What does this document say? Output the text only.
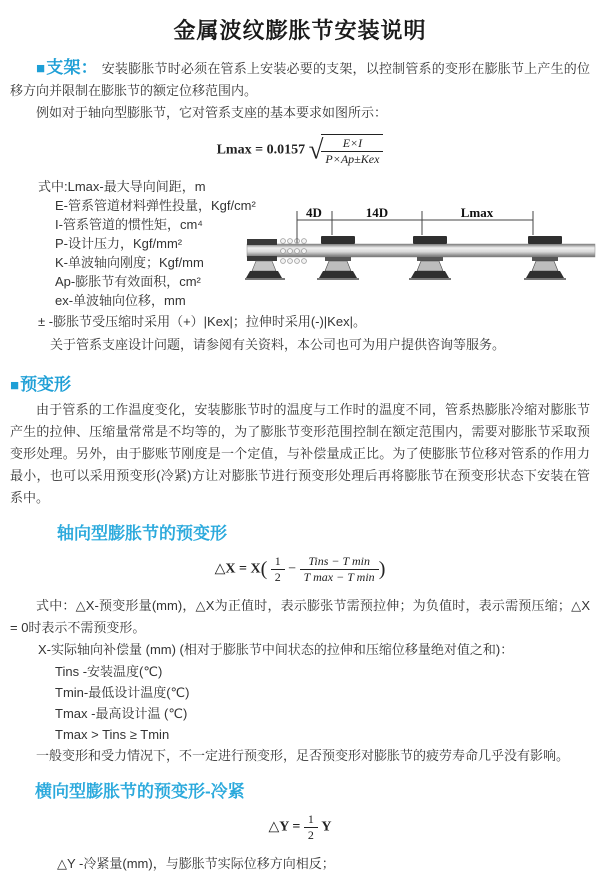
金属波纹膨胀节安装说明

■支架： 安装膨胀节时必须在管系上安装必要的支架，以控制管系的变形在膨胀节上产生的位移方向并限制在膨胀节的额定位移范围内。

例如对于轴向型膨胀节，它对管系支座的基本要求如图所示：

Lmax = 0.0157 √
$\frac{E\times I}{\text{P×Ap±Kex}}$

式中:Lmax-最大导向间距，m

E-管系管道材料弹性投量，Kgf/cm²

I-管系管道的惯性矩，cm⁴

P-设计压力，Kgf/mm²

K-单波轴向刚度；Kgf/mm

Ap-膨胀节有效面积，cm²

ex-单波轴向位移，mm

± -膨胀节受压缩时采用（+）|Kex|；拉伸时采用(-)|Kex|。

关于管系支座设计问题，请参阅有关资料，本公司也可为用户提供咨询等服务。

4D	14D	Lmax
■预变形

由于管系的工作温度变化，安装膨胀节时的温度与工作时的温度不同，管系热膨胀冷缩对膨胀节产生的拉伸、压缩量常常是不均等的，为了膨胀节变形范围控制在额定范围内，需要对膨胀节采取预变形处理。另外，由于膨账节刚度是一个定值，与补偿量成正比。为了使膨胀节位移对管系的作用力最小，也可以采用预变形(冷紧)方让对膨胀节进行预变形处理后再将膨胀节在预变形状态下安装在管系中。

轴向型膨胀节的预变形
△X = $X( \frac{1}{2} - \frac{\text{Tins − T min}}{\text{T max − T min}}$ )

式中：△X-预变形量(mm)，△X为正值时，表示膨张节需预拉伸；为负值时，表示需预压缩；△X = 0时表示不需预变形。

X-实际轴向补偿量 (mm) (相对于膨胀节中间状态的拉伸和压缩位移量绝对值之和)：

Tins -安装温度(℃)

Tmin-最低设计温度(℃)

Tmax -最高设计温 (℃)

Tmax > Tins ≥ Tmin

一般变形和受力情况下，不一定进行预变形，足否预变形对膨胀节的疲劳寿命几乎没有影响。

横向型膨胀节的预变形-冷紧
△Y = $\frac{1}{2}$ Y

△Y -冷紧量(mm)，与膨胀节实际位移方向相反；
